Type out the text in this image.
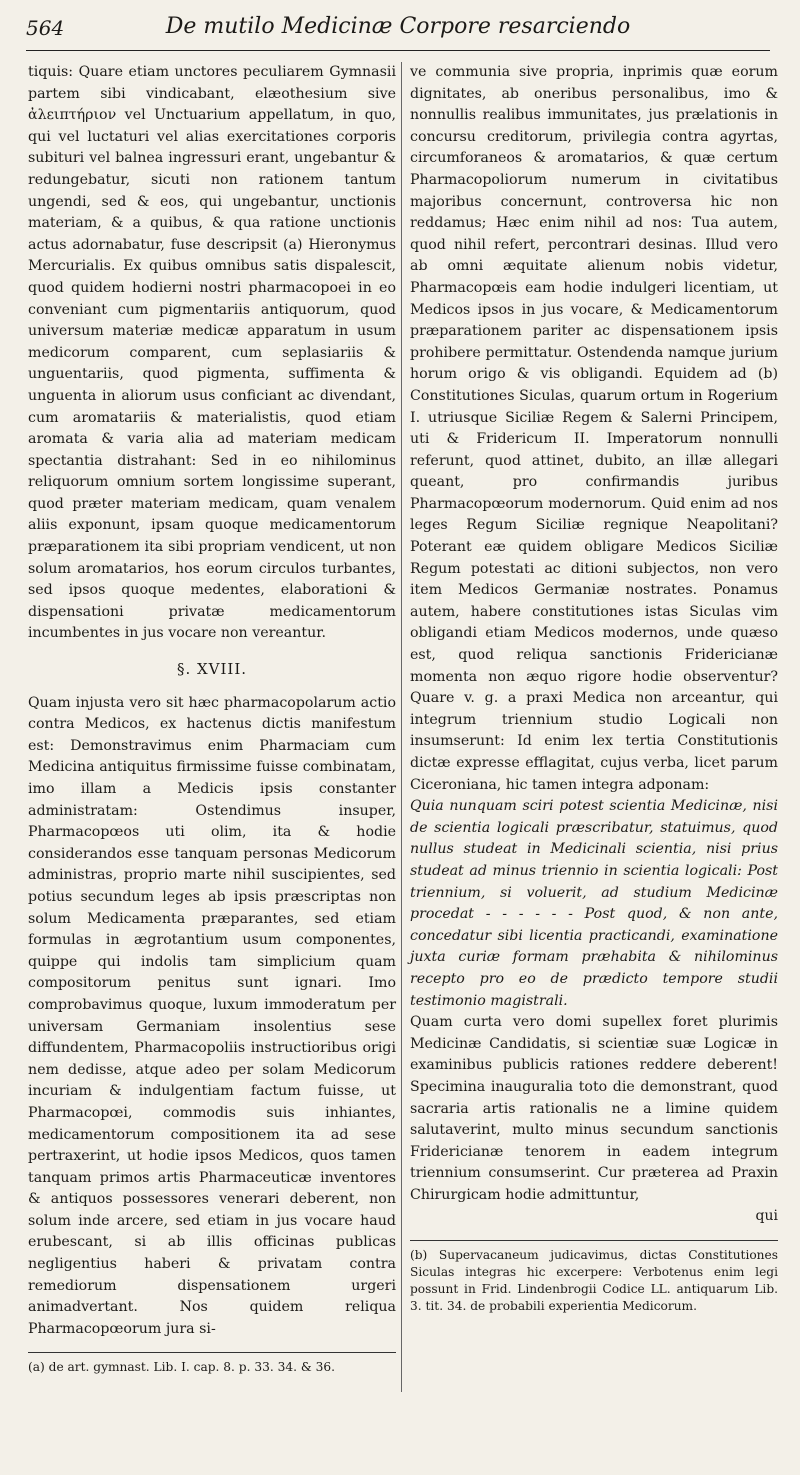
564	De mutilo Medicinæ Corpore resarciendo

tiquis: Quare etiam unctores peculiarem Gymnasii partem sibi vindicabant, elæothesium sive ἀλειπτήριον vel Unctuarium appellatum, in quo, qui vel luctaturi vel alias exercitationes corporis subituri vel balnea ingressuri erant, ungebantur & redungebatur, sicuti non rationem tantum ungendi, sed & eos, qui ungebantur, unctionis materiam, & a quibus, & qua ratione unctionis actus adornabatur, fuse descripsit (a) Hieronymus Mercurialis. Ex quibus omnibus satis dispalescit, quod quidem hodierni nostri pharmacopoei in eo conveniant cum pigmentariis antiquorum, quod universum materiæ medicæ apparatum in usum medicorum comparent, cum seplasiariis & unguentariis, quod pigmenta, suffimenta & unguenta in aliorum usus conficiant ac divendant, cum aromatariis & materialistis, quod etiam aromata & varia alia ad materiam medicam spectantia distrahant: Sed in eo nihilominus reliquorum omnium sortem longissime superant, quod præter materiam medicam, quam venalem aliis exponunt, ipsam quoque medicamentorum præparationem ita sibi propriam vendicent, ut non solum aromatarios, hos eorum circulos turbantes, sed ipsos quoque medentes, elaborationi & dispensationi privatæ medicamentorum incumbentes in jus vocare non vereantur.

§. XVIII.

Quam injusta vero sit hæc pharmacopolarum actio contra Medicos, ex hactenus dictis manifestum est: Demonstravimus enim Pharmaciam cum Medicina antiquitus firmissime fuisse combinatam, imo illam a Medicis ipsis constanter administratam: Ostendimus insuper, Pharmacopœos uti olim, ita & hodie considerandos esse tanquam personas Medicorum administras, proprio marte nihil suscipientes, sed potius secundum leges ab ipsis præscriptas non solum Medicamenta præparantes, sed etiam formulas in ægrotantium usum componentes, quippe qui indolis tam simplicium quam compositorum penitus sunt ignari. Imo comprobavimus quoque, luxum immoderatum per universam Germaniam insolentius sese diffundentem, Pharmacopoliis instructioribus origi nem dedisse, atque adeo per solam Medicorum incuriam & indulgentiam factum fuisse, ut Pharmacopœi, commodis suis inhiantes, medicamentorum compositionem ita ad sese pertraxerint, ut hodie ipsos Medicos, quos tamen tanquam primos artis Pharmaceuticæ inventores & antiquos possessores venerari deberent, non solum inde arcere, sed etiam in jus vocare haud erubescant, si ab illis officinas publicas negligentius haberi & privatam contra remediorum dispensationem urgeri animadvertant. Nos quidem reliqua Pharmacopœorum jura si-

(a) de art. gymnast. Lib. I. cap. 8. p. 33. 34. & 36.

ve communia sive propria, inprimis quæ eorum dignitates, ab oneribus personalibus, imo & nonnullis realibus immunitates, jus prælationis in concursu creditorum, privilegia contra agyrtas, circumforaneos & aromatarios, & quæ certum Pharmacopoliorum numerum in civitatibus majoribus concernunt, controversa hic non reddamus; Hæc enim nihil ad nos: Tua autem, quod nihil refert, percontrari desinas. Illud vero ab omni æquitate alienum nobis videtur, Pharmacopœis eam hodie indulgeri licentiam, ut Medicos ipsos in jus vocare, & Medicamentorum præparationem pariter ac dispensationem ipsis prohibere permittatur. Ostendenda namque jurium horum origo & vis obligandi. Equidem ad (b) Constitutiones Siculas, quarum ortum in Rogerium I. utriusque Siciliæ Regem & Salerni Principem, uti & Fridericum II. Imperatorum nonnulli referunt, quod attinet, dubito, an illæ allegari queant, pro confirmandis juribus Pharmacopœorum modernorum. Quid enim ad nos leges Regum Siciliæ regnique Neapolitani? Poterant eæ quidem obligare Medicos Siciliæ Regum potestati ac ditioni subjectos, non vero item Medicos Germaniæ nostrates. Ponamus autem, habere constitutiones istas Siculas vim obligandi etiam Medicos modernos, unde quæso est, quod reliqua sanctionis Fridericianæ momenta non æquo rigore hodie observentur? Quare v. g. a praxi Medica non arceantur, qui integrum triennium studio Logicali non insumserunt: Id enim lex tertia Constitutionis dictæ expresse efflagitat, cujus verba, licet parum Ciceroniana, hic tamen integra adponam:

Quia nunquam sciri potest scientia Medicinæ, nisi de scientia logicali præscribatur, statuimus, quod nullus studeat in Medicinali scientia, nisi prius studeat ad minus triennio in scientia logicali: Post triennium, si voluerit, ad studium Medicinæ procedat - - - - - - Post quod, & non ante, concedatur sibi licentia practicandi, examinatione juxta curiæ formam præhabita & nihilominus recepto pro eo de prædicto tempore studii testimonio magistrali.

Quam curta vero domi supellex foret plurimis Medicinæ Candidatis, si scientiæ suæ Logicæ in examinibus publicis rationes reddere deberent! Specimina inauguralia toto die demonstrant, quod sacraria artis rationalis ne a limine quidem salutaverint, multo minus secundum sanctionis Fridericianæ tenorem in eadem integrum triennium consumserint. Cur præterea ad Praxin Chirurgicam hodie admittuntur,

qui

(b) Supervacaneum judicavimus, dictas Constitutiones Siculas integras hic excerpere: Verbotenus enim legi possunt in Frid. Lindenbrogii Codice LL. antiquarum Lib. 3. tit. 34. de probabili experientia Medicorum.
